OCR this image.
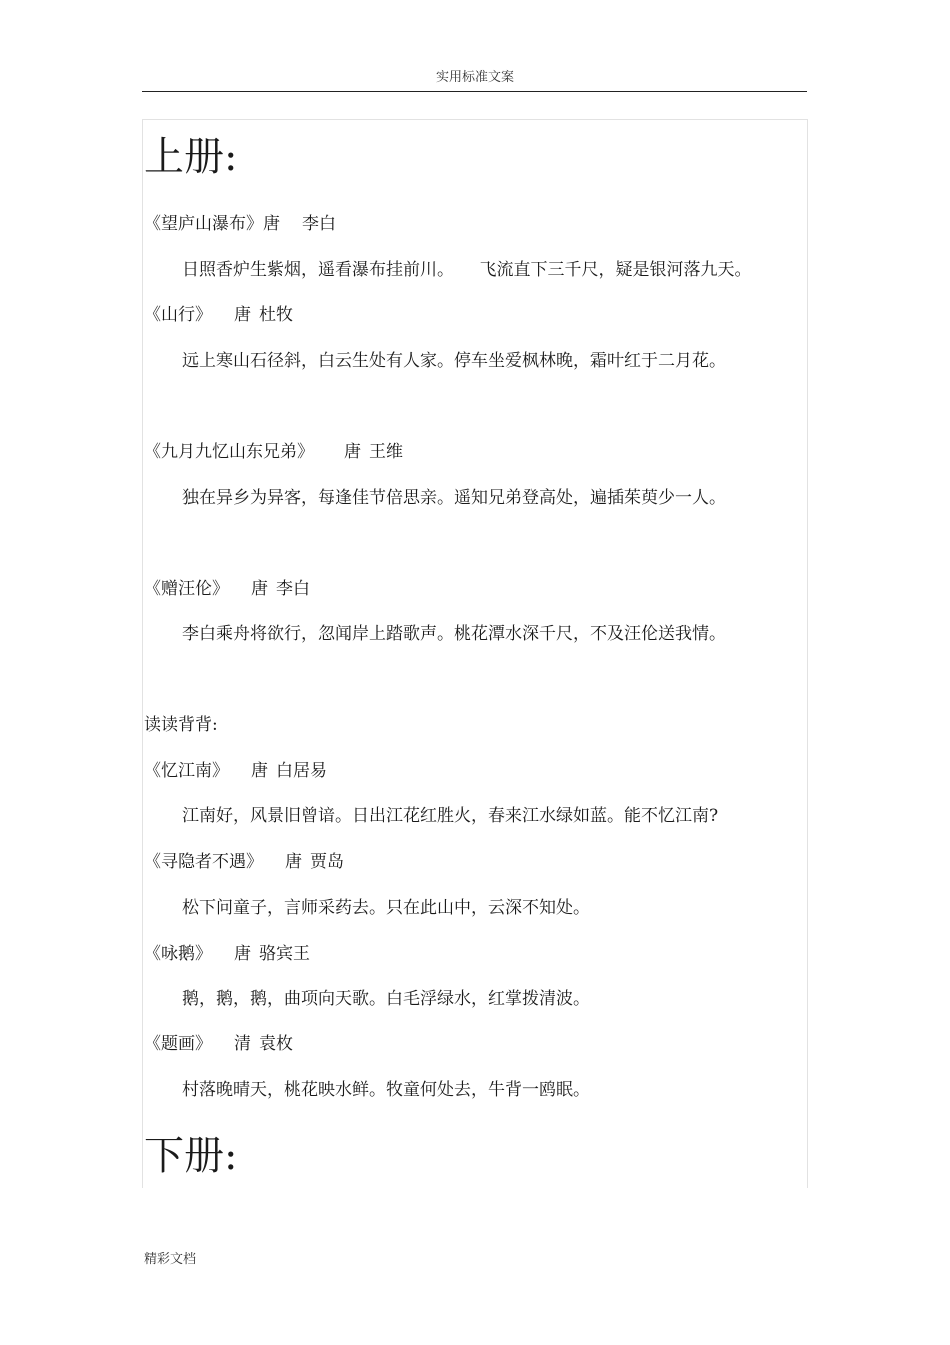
实用标准文案
上册:
《望庐山瀑布》唐 李白
日照香炉生紫烟，遥看瀑布挂前川。　　飞流直下三千尺，疑是银河落九天。
《山行》 唐 杜牧
远上寒山石径斜，白云生处有人家。停车坐爱枫林晚，霜叶红于二月花。
《九月九忆山东兄弟》 唐 王维
独在异乡为异客，每逢佳节倍思亲。遥知兄弟登高处，遍插茱萸少一人。
《赠汪伦》 唐 李白
李白乘舟将欲行，忽闻岸上踏歌声。桃花潭水深千尺，不及汪伦送我情。
读读背背:
《忆江南》 唐 白居易
江南好，风景旧曾谙。日出江花红胜火，春来江水绿如蓝。能不忆江南?
《寻隐者不遇》 唐 贾岛
松下问童子，言师采药去。只在此山中，云深不知处。
《咏鹅》 唐 骆宾王
鹅，鹅，鹅，曲项向天歌。白毛浮绿水，红掌拨清波。
《题画》 清 袁枚
村落晚晴天，桃花映水鲜。牧童何处去，牛背一鸥眠。
下册:
精彩文档
